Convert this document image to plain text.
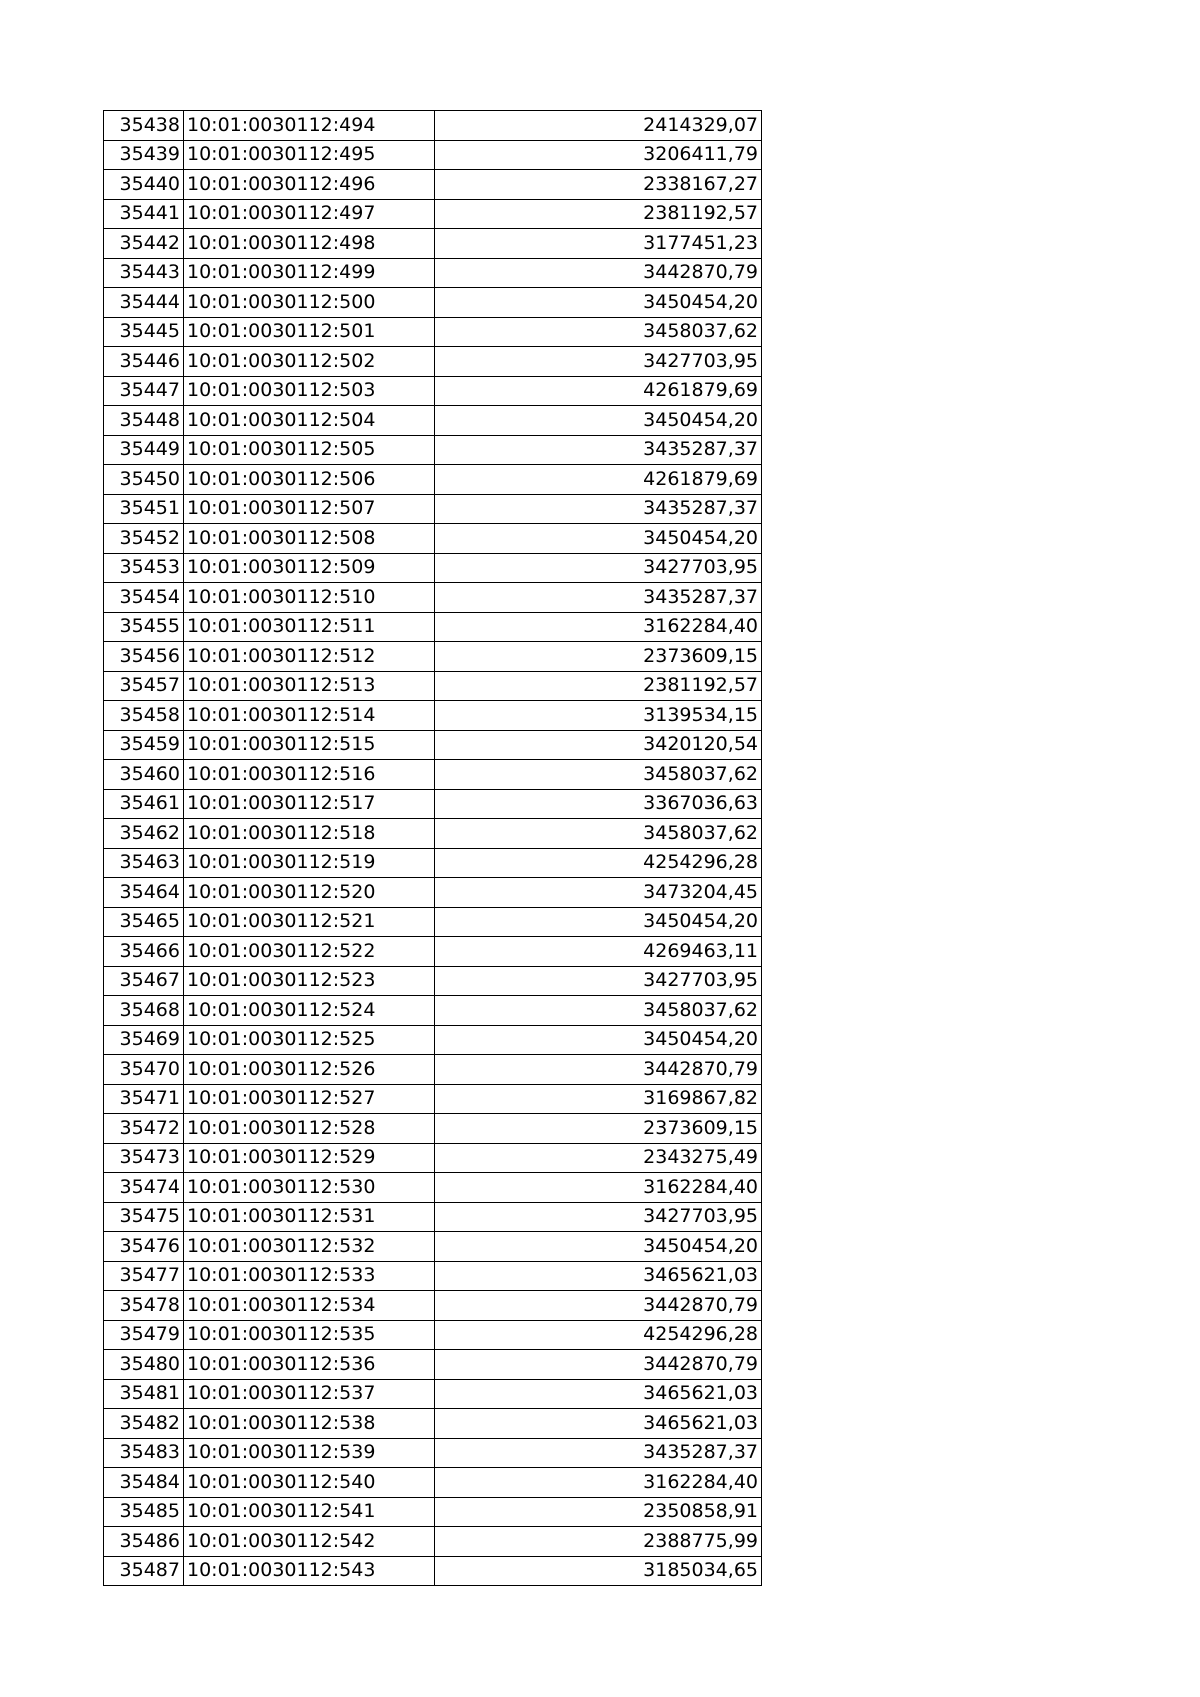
35438	10:01:0030112:494	2414329,07
35439	10:01:0030112:495	3206411,79
35440	10:01:0030112:496	2338167,27
35441	10:01:0030112:497	2381192,57
35442	10:01:0030112:498	3177451,23
35443	10:01:0030112:499	3442870,79
35444	10:01:0030112:500	3450454,20
35445	10:01:0030112:501	3458037,62
35446	10:01:0030112:502	3427703,95
35447	10:01:0030112:503	4261879,69
35448	10:01:0030112:504	3450454,20
35449	10:01:0030112:505	3435287,37
35450	10:01:0030112:506	4261879,69
35451	10:01:0030112:507	3435287,37
35452	10:01:0030112:508	3450454,20
35453	10:01:0030112:509	3427703,95
35454	10:01:0030112:510	3435287,37
35455	10:01:0030112:511	3162284,40
35456	10:01:0030112:512	2373609,15
35457	10:01:0030112:513	2381192,57
35458	10:01:0030112:514	3139534,15
35459	10:01:0030112:515	3420120,54
35460	10:01:0030112:516	3458037,62
35461	10:01:0030112:517	3367036,63
35462	10:01:0030112:518	3458037,62
35463	10:01:0030112:519	4254296,28
35464	10:01:0030112:520	3473204,45
35465	10:01:0030112:521	3450454,20
35466	10:01:0030112:522	4269463,11
35467	10:01:0030112:523	3427703,95
35468	10:01:0030112:524	3458037,62
35469	10:01:0030112:525	3450454,20
35470	10:01:0030112:526	3442870,79
35471	10:01:0030112:527	3169867,82
35472	10:01:0030112:528	2373609,15
35473	10:01:0030112:529	2343275,49
35474	10:01:0030112:530	3162284,40
35475	10:01:0030112:531	3427703,95
35476	10:01:0030112:532	3450454,20
35477	10:01:0030112:533	3465621,03
35478	10:01:0030112:534	3442870,79
35479	10:01:0030112:535	4254296,28
35480	10:01:0030112:536	3442870,79
35481	10:01:0030112:537	3465621,03
35482	10:01:0030112:538	3465621,03
35483	10:01:0030112:539	3435287,37
35484	10:01:0030112:540	3162284,40
35485	10:01:0030112:541	2350858,91
35486	10:01:0030112:542	2388775,99
35487	10:01:0030112:543	3185034,65
